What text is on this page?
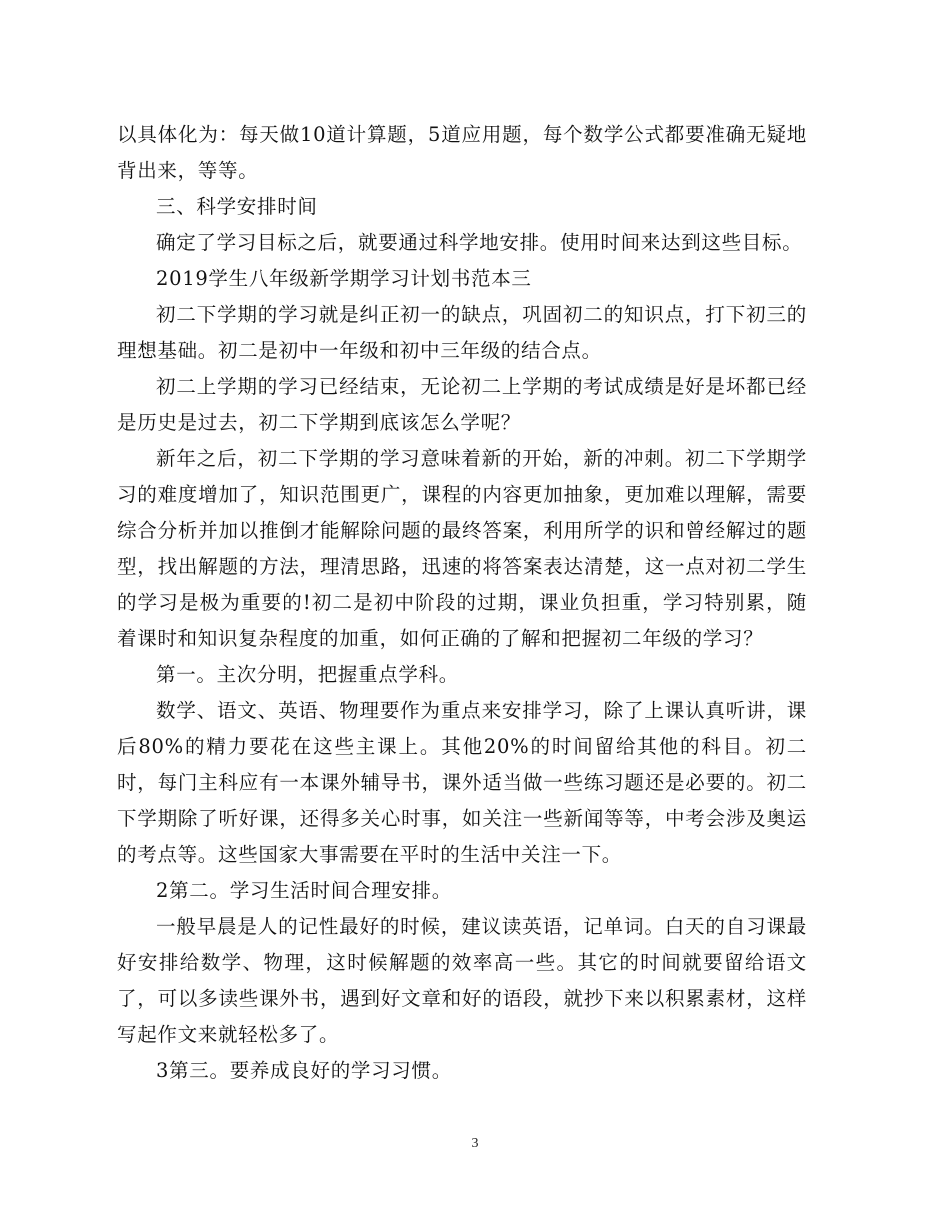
以具体化为：每天做10道计算题，5道应用题，每个数学公式都要准确无疑地背出来，等等。

三、科学安排时间

确定了学习目标之后，就要通过科学地安排。使用时间来达到这些目标。

2019学生八年级新学期学习计划书范本三

初二下学期的学习就是纠正初一的缺点，巩固初二的知识点，打下初三的理想基础。初二是初中一年级和初中三年级的结合点。

初二上学期的学习已经结束，无论初二上学期的考试成绩是好是坏都已经是历史是过去，初二下学期到底该怎么学呢？

新年之后，初二下学期的学习意味着新的开始，新的冲刺。初二下学期学习的难度增加了，知识范围更广，课程的内容更加抽象，更加难以理解，需要综合分析并加以推倒才能解除问题的最终答案，利用所学的识和曾经解过的题型，找出解题的方法，理清思路，迅速的将答案表达清楚，这一点对初二学生的学习是极为重要的!初二是初中阶段的过期，课业负担重，学习特别累，随着课时和知识复杂程度的加重，如何正确的了解和把握初二年级的学习？

第一。主次分明，把握重点学科。

数学、语文、英语、物理要作为重点来安排学习，除了上课认真听讲，课后80%的精力要花在这些主课上。其他20%的时间留给其他的科目。初二时，每门主科应有一本课外辅导书，课外适当做一些练习题还是必要的。初二下学期除了听好课，还得多关心时事，如关注一些新闻等等，中考会涉及奥运的考点等。这些国家大事需要在平时的生活中关注一下。

2第二。学习生活时间合理安排。

一般早晨是人的记性最好的时候，建议读英语，记单词。白天的自习课最好安排给数学、物理，这时候解题的效率高一些。其它的时间就要留给语文了，可以多读些课外书，遇到好文章和好的语段，就抄下来以积累素材，这样写起作文来就轻松多了。

3第三。要养成良好的学习习惯。

3
